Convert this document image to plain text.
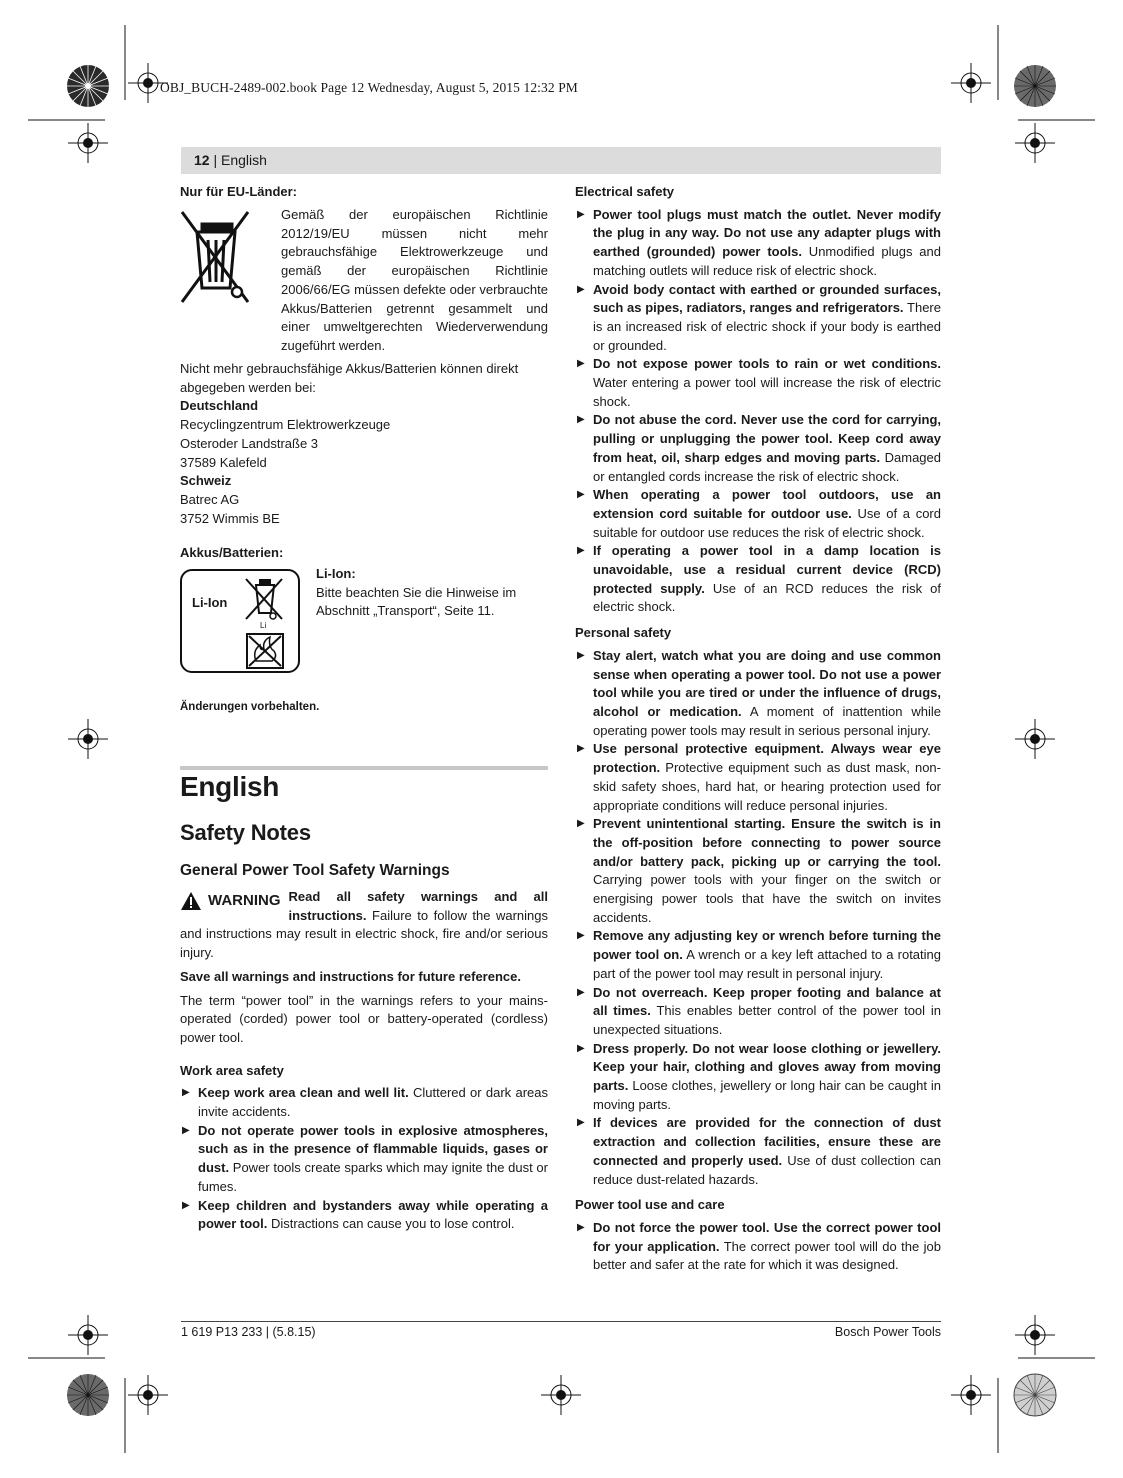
OBJ_BUCH-2489-002.book Page 12 Wednesday, August 5, 2015 12:32 PM
12 | English

Nur für EU-Länder:

Gemäß der europäischen Richtlinie 2012/19/EU müssen nicht mehr gebrauchsfähige Elektrowerkzeuge und gemäß der europäischen Richtlinie 2006/66/EG müssen defekte oder verbrauchte Akkus/Batterien getrennt gesammelt und einer umweltgerechten Wiederverwendung zugeführt werden.

Nicht mehr gebrauchsfähige Akkus/Batterien können direkt abgegeben werden bei:

Deutschland

Recyclingzentrum Elektrowerkzeuge

Osteroder Landstraße 3

37589 Kalefeld

Schweiz

Batrec AG

3752 Wimmis BE

Akkus/Batterien:

Li-Ion
Li

Li-Ion:

Bitte beachten Sie die Hinweise im Abschnitt „Transport“, Seite 11.

Änderungen vorbehalten.

English
Safety Notes
General Power Tool Safety Warnings
WARNING Read all safety warnings and all instructions. Failure to follow the warnings and instructions may result in electric shock, fire and/or serious injury.

Save all warnings and instructions for future reference.

The term “power tool” in the warnings refers to your mains-operated (corded) power tool or battery-operated (cordless) power tool.

Work area safety

▶ Keep work area clean and well lit. Cluttered or dark areas invite accidents.

▶ Do not operate power tools in explosive atmospheres, such as in the presence of flammable liquids, gases or dust. Power tools create sparks which may ignite the dust or fumes.

▶ Keep children and bystanders away while operating a power tool. Distractions can cause you to lose control.

Electrical safety

▶ Power tool plugs must match the outlet. Never modify the plug in any way. Do not use any adapter plugs with earthed (grounded) power tools. Unmodified plugs and matching outlets will reduce risk of electric shock.

▶ Avoid body contact with earthed or grounded surfaces, such as pipes, radiators, ranges and refrigerators. There is an increased risk of electric shock if your body is earthed or grounded.

▶ Do not expose power tools to rain or wet conditions. Water entering a power tool will increase the risk of electric shock.

▶ Do not abuse the cord. Never use the cord for carrying, pulling or unplugging the power tool. Keep cord away from heat, oil, sharp edges and moving parts. Damaged or entangled cords increase the risk of electric shock.

▶ When operating a power tool outdoors, use an extension cord suitable for outdoor use. Use of a cord suitable for outdoor use reduces the risk of electric shock.

▶ If operating a power tool in a damp location is unavoidable, use a residual current device (RCD) protected supply. Use of an RCD reduces the risk of electric shock.

Personal safety

▶ Stay alert, watch what you are doing and use common sense when operating a power tool. Do not use a power tool while you are tired or under the influence of drugs, alcohol or medication. A moment of inattention while operating power tools may result in serious personal injury.

▶ Use personal protective equipment. Always wear eye protection. Protective equipment such as dust mask, non-skid safety shoes, hard hat, or hearing protection used for appropriate conditions will reduce personal injuries.

▶ Prevent unintentional starting. Ensure the switch is in the off-position before connecting to power source and/or battery pack, picking up or carrying the tool. Carrying power tools with your finger on the switch or energising power tools that have the switch on invites accidents.

▶ Remove any adjusting key or wrench before turning the power tool on. A wrench or a key left attached to a rotating part of the power tool may result in personal injury.

▶ Do not overreach. Keep proper footing and balance at all times. This enables better control of the power tool in unexpected situations.

▶ Dress properly. Do not wear loose clothing or jewellery. Keep your hair, clothing and gloves away from moving parts. Loose clothes, jewellery or long hair can be caught in moving parts.

▶ If devices are provided for the connection of dust extraction and collection facilities, ensure these are connected and properly used. Use of dust collection can reduce dust-related hazards.

Power tool use and care

▶ Do not force the power tool. Use the correct power tool for your application. The correct power tool will do the job better and safer at the rate for which it was designed.

1 619 P13 233 | (5.8.15)	Bosch Power Tools
